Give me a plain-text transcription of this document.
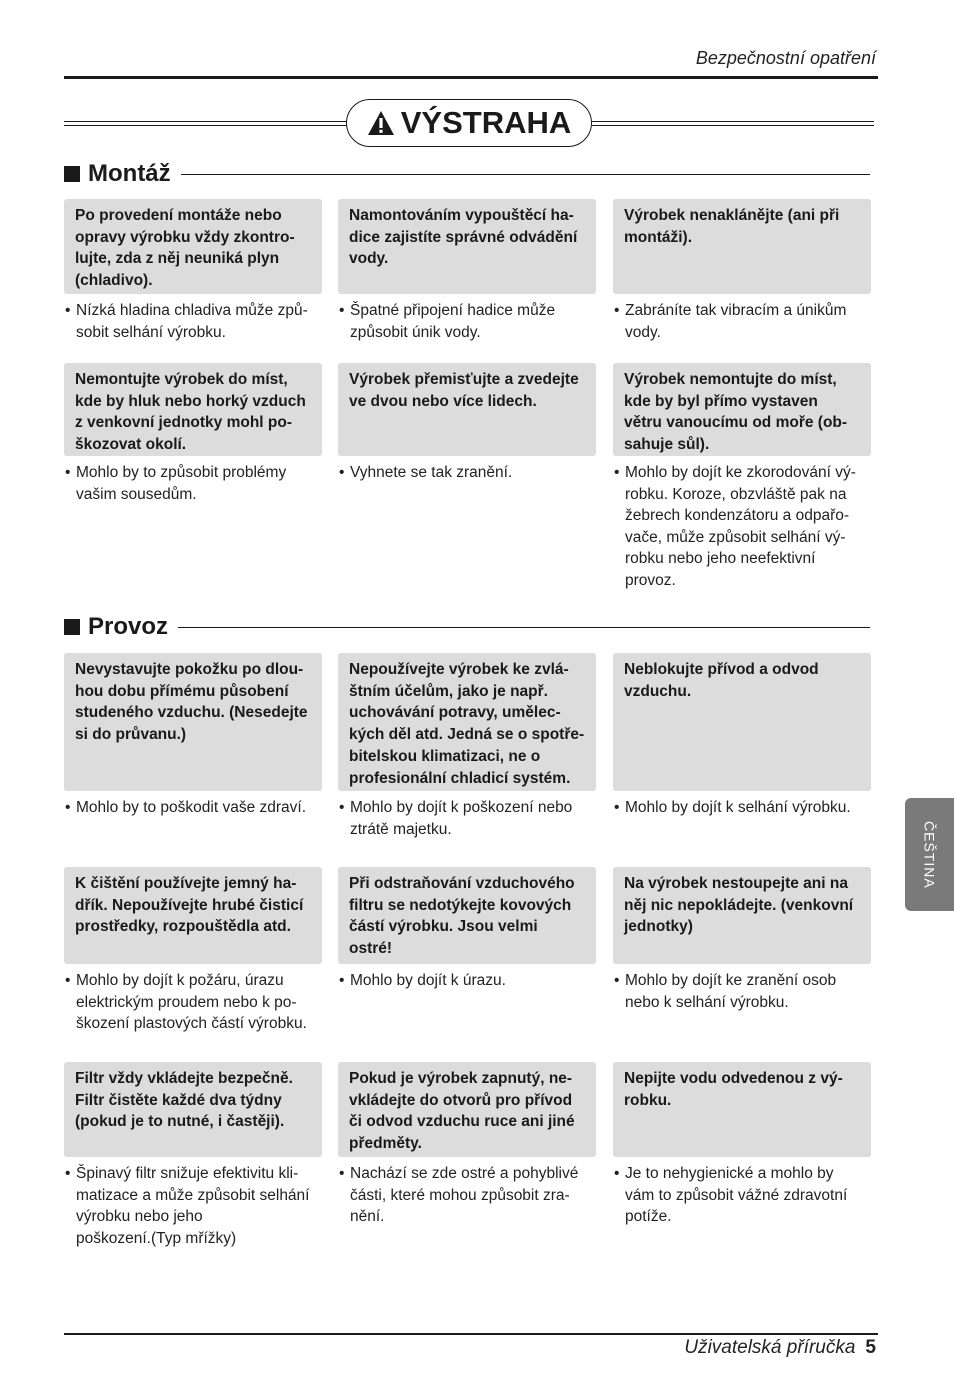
Bezpečnostní opatření
VÝSTRAHA
Montáž
Po provedení montáže nebo
opravy výrobku vždy zkontro-
lujte, zda z něj neuniká plyn
(chladivo).
• Nízká hladina chladiva může způ-
sobit selhání výrobku.
Namontováním vypouštěcí ha-
dice zajistíte správné odvádění
vody.
• Špatné připojení hadice může
způsobit únik vody.
Výrobek nenaklánějte (ani při
montáži).
• Zabráníte tak vibracím a únikům
vody.
Nemontujte výrobek do míst,
kde by hluk nebo horký vzduch
z venkovní jednotky mohl po-
škozovat okolí.
• Mohlo by to způsobit problémy
vašim sousedům.
Výrobek přemisťujte a zvedejte
ve dvou nebo více lidech.
• Vyhnete se tak zranění.
Výrobek nemontujte do míst,
kde by byl přímo vystaven
větru vanoucímu od moře (ob-
sahuje sůl).
• Mohlo by dojít ke zkorodování vý-
robku. Koroze, obzvláště pak na
žebrech kondenzátoru a odpařo-
vače, může způsobit selhání vý-
robku nebo jeho neefektivní
provoz.
Provoz
Nevystavujte pokožku po dlou-
hou dobu přímému působení
studeného vzduchu. (Nesedejte
si do průvanu.)
• Mohlo by to poškodit vaše zdraví.
Nepoužívejte výrobek ke zvlá-
štním účelům, jako je např.
uchovávání potravy, umělec-
kých děl atd. Jedná se o spotře-
bitelskou klimatizaci, ne o
profesionální chladicí systém.
• Mohlo by dojít k poškození nebo
ztrátě majetku.
Neblokujte přívod a odvod
vzduchu.
• Mohlo by dojít k selhání výrobku.
K čištění používejte jemný ha-
dřík. Nepoužívejte hrubé čisticí
prostředky, rozpouštědla atd.
• Mohlo by dojít k požáru, úrazu
elektrickým proudem nebo k po-
škození plastových částí výrobku.
Při odstraňování vzduchového
filtru se nedotýkejte kovových
částí výrobku. Jsou velmi
ostré!
• Mohlo by dojít k úrazu.
Na výrobek nestoupejte ani na
něj nic nepokládejte. (venkovní
jednotky)
• Mohlo by dojít ke zranění osob
nebo k selhání výrobku.
Filtr vždy vkládejte bezpečně.
Filtr čistěte každé dva týdny
(pokud je to nutné, i častěji).
• Špinavý filtr snižuje efektivitu kli-
matizace a může způsobit selhání
výrobku nebo jeho
poškození.(Typ mřížky)
Pokud je výrobek zapnutý, ne-
vkládejte do otvorů pro přívod
či odvod vzduchu ruce ani jiné
předměty.
• Nachází se zde ostré a pohyblivé
části, které mohou způsobit zra-
nění.
Nepijte vodu odvedenou z vý-
robku.
• Je to nehygienické a mohlo by
vám to způsobit vážné zdravotní
potíže.
ČEŠTINA
Uživatelská příručka 5
